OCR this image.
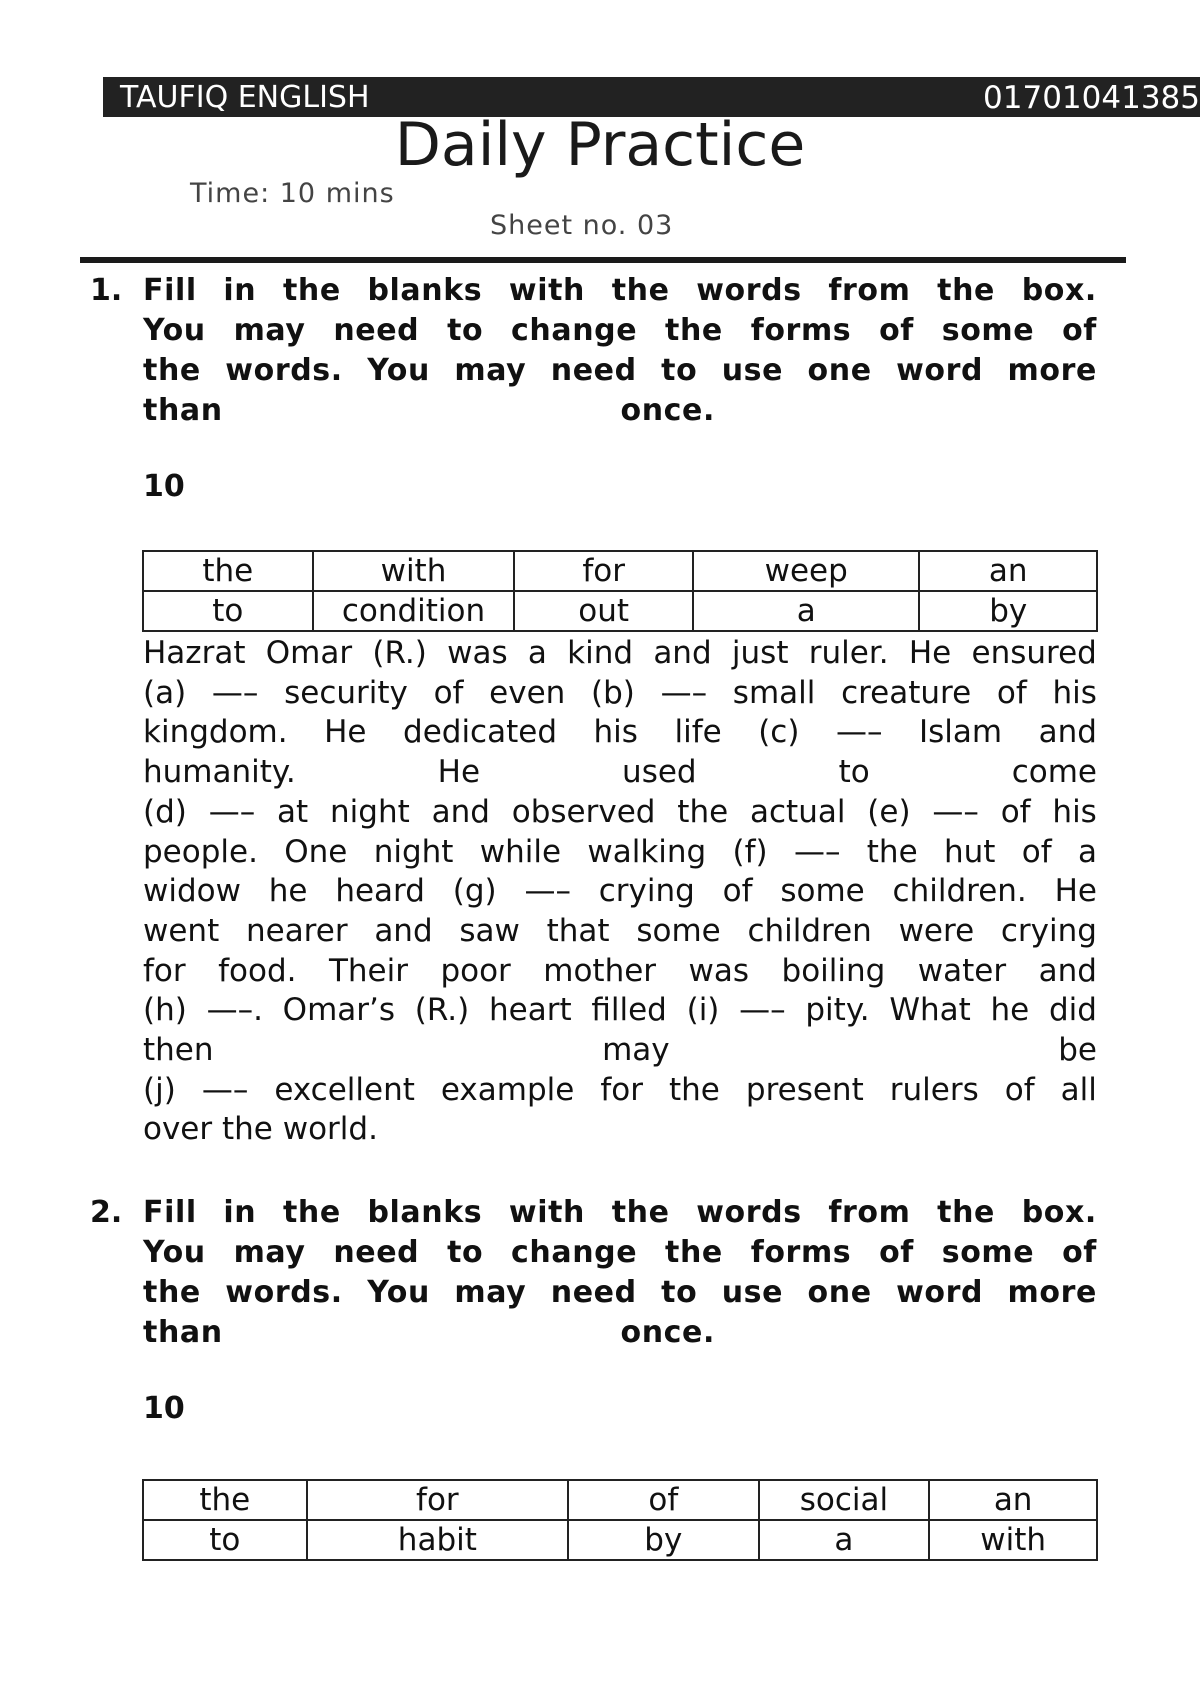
TAUFIQ ENGLISH	01701041385
Daily Practice
Time: 10 mins
Sheet no. 03
1. Fill in the blanks with the words from the box.
You may need to change the forms of some of
the words. You may need to use one word more
than	once.
10
the	with	for	weep	an
to	condition	out	a	by
Hazrat Omar (R.) was a kind and just ruler. He ensured
(a) —– security of even (b) —– small creature of his
kingdom. He dedicated his life (c) —– Islam and
humanity.	He	used	to	come
(d) —– at night and observed the actual (e) —– of his
people. One night while walking (f) —– the hut of a
widow he heard (g) —– crying of some children. He
went nearer and saw that some children were crying
for food. Their poor mother was boiling water and
(h) —–. Omar’s (R.) heart filled (i) —– pity. What he did
then	may	be
(j) —– excellent example for the present rulers of all
over the world.
2. Fill in the blanks with the words from the box.
You may need to change the forms of some of
the words. You may need to use one word more
than	once.
10
the	for	of	social	an
to	habit	by	a	with
